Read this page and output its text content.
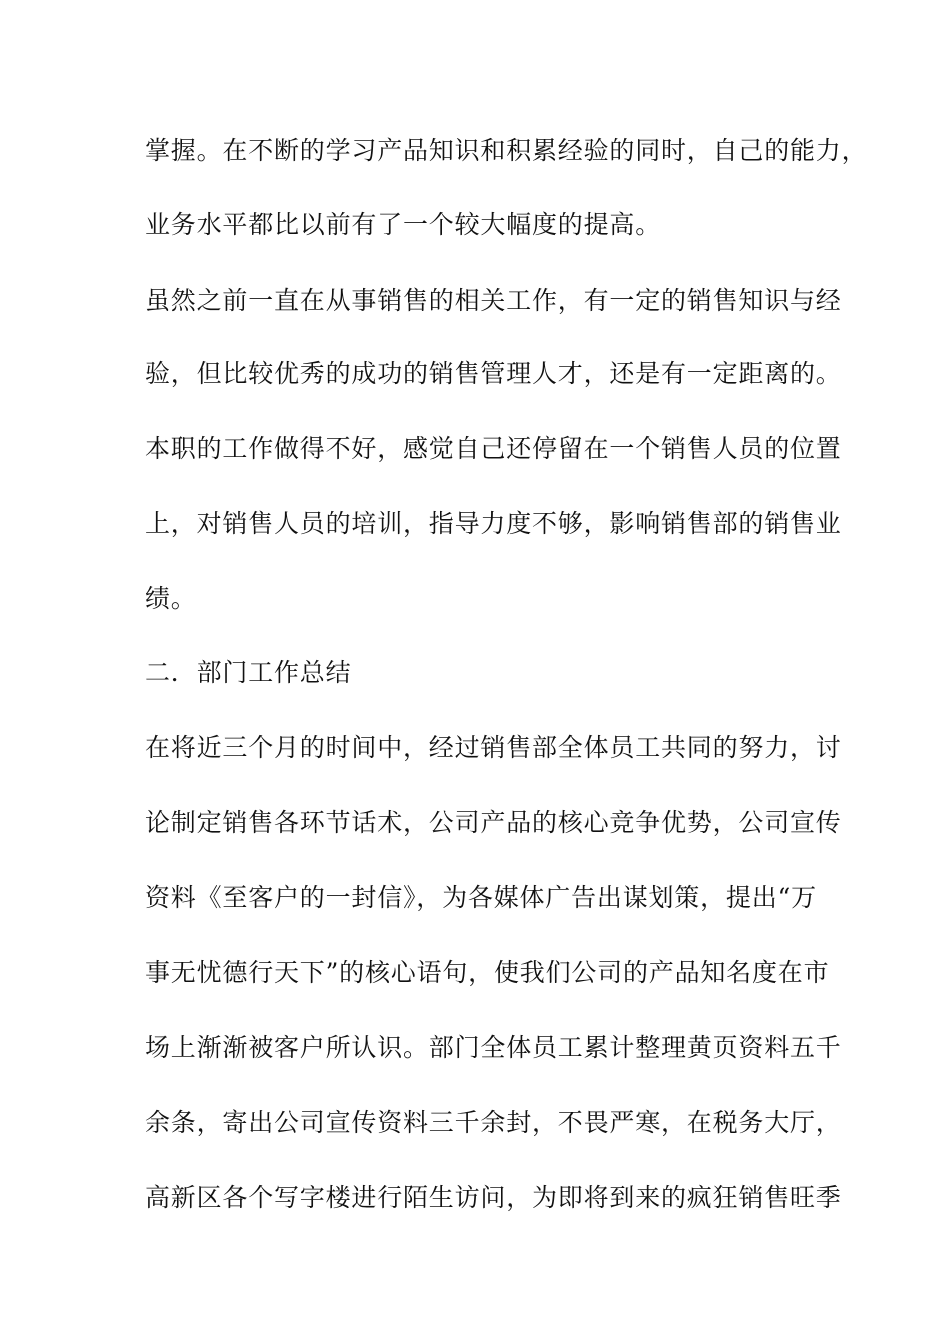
掌握。在不断的学习产品知识和积累经验的同时，自己的能力，
业务水平都比以前有了一个较大幅度的提高。
虽然之前一直在从事销售的相关工作，有一定的销售知识与经
验，但比较优秀的成功的销售管理人才，还是有一定距离的。
本职的工作做得不好，感觉自己还停留在一个销售人员的位置
上，对销售人员的培训，指导力度不够，影响销售部的销售业
绩。
二．部门工作总结
在将近三个月的时间中，经过销售部全体员工共同的努力，讨
论制定销售各环节话术，公司产品的核心竞争优势，公司宣传
资料《至客户的一封信》，为各媒体广告出谋划策，提出“万
事无忧德行天下”的核心语句，使我们公司的产品知名度在市
场上渐渐被客户所认识。部门全体员工累计整理黄页资料五千
余条，寄出公司宣传资料三千余封，不畏严寒，在税务大厅，
高新区各个写字楼进行陌生访问，为即将到来的疯狂销售旺季
